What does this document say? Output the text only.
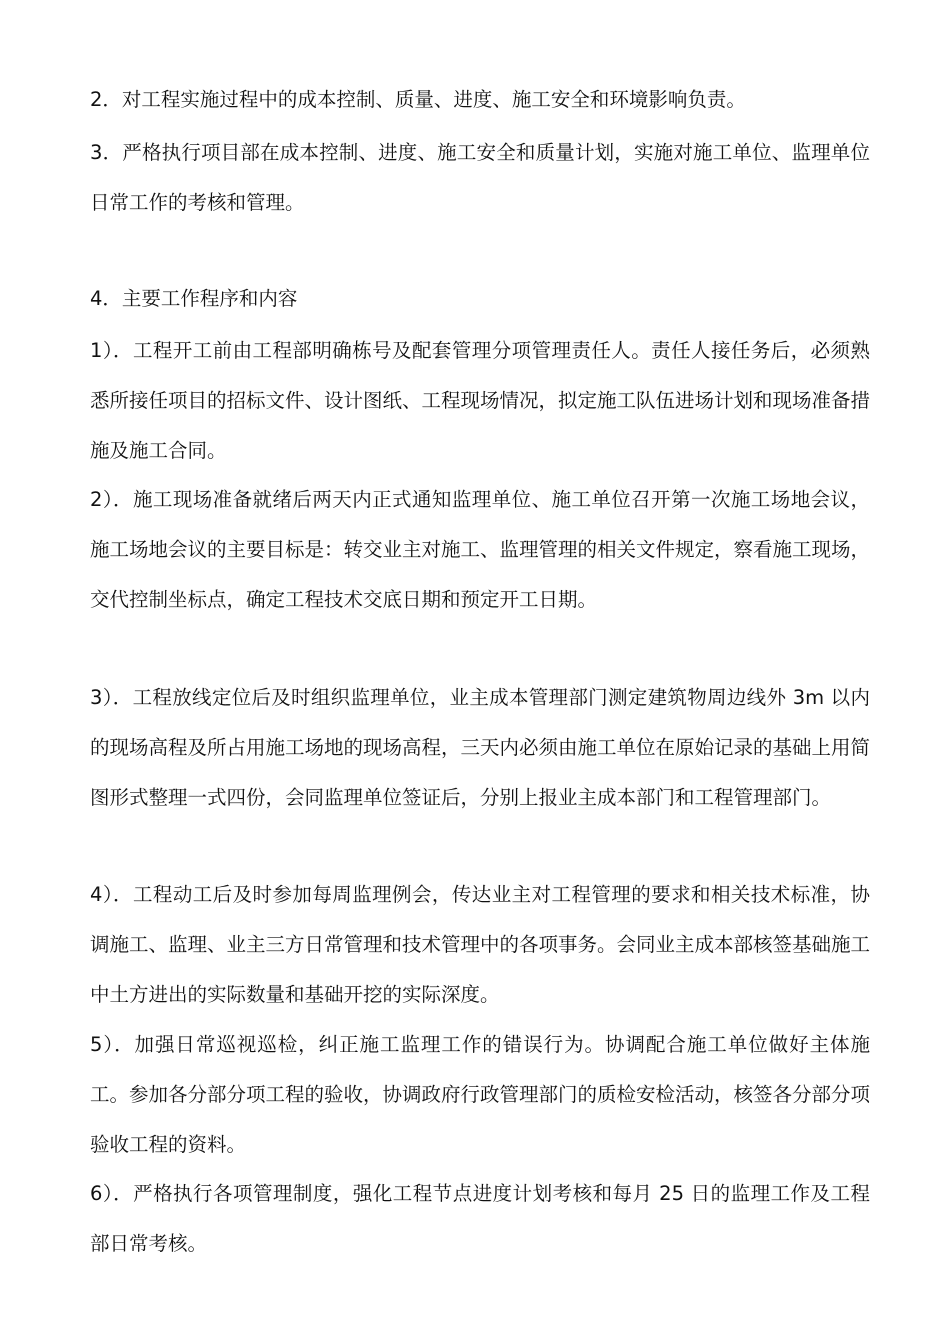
2．对工程实施过程中的成本控制、质量、进度、施工安全和环境影响负责。

3．严格执行项目部在成本控制、进度、施工安全和质量计划，实施对施工单位、监理单位日常工作的考核和管理。

4．主要工作程序和内容

1）．工程开工前由工程部明确栋号及配套管理分项管理责任人。责任人接任务后，必须熟悉所接任项目的招标文件、设计图纸、工程现场情况，拟定施工队伍进场计划和现场准备措施及施工合同。

2）．施工现场准备就绪后两天内正式通知监理单位、施工单位召开第一次施工场地会议，施工场地会议的主要目标是：转交业主对施工、监理管理的相关文件规定，察看施工现场，交代控制坐标点，确定工程技术交底日期和预定开工日期。

3）．工程放线定位后及时组织监理单位，业主成本管理部门测定建筑物周边线外 3m 以内的现场高程及所占用施工场地的现场高程，三天内必须由施工单位在原始记录的基础上用简图形式整理一式四份，会同监理单位签证后，分别上报业主成本部门和工程管理部门。

4）．工程动工后及时参加每周监理例会，传达业主对工程管理的要求和相关技术标准，协调施工、监理、业主三方日常管理和技术管理中的各项事务。会同业主成本部核签基础施工中土方进出的实际数量和基础开挖的实际深度。

5）．加强日常巡视巡检，纠正施工监理工作的错误行为。协调配合施工单位做好主体施工。参加各分部分项工程的验收，协调政府行政管理部门的质检安检活动，核签各分部分项验收工程的资料。

6）．严格执行各项管理制度，强化工程节点进度计划考核和每月 25 日的监理工作及工程部日常考核。
